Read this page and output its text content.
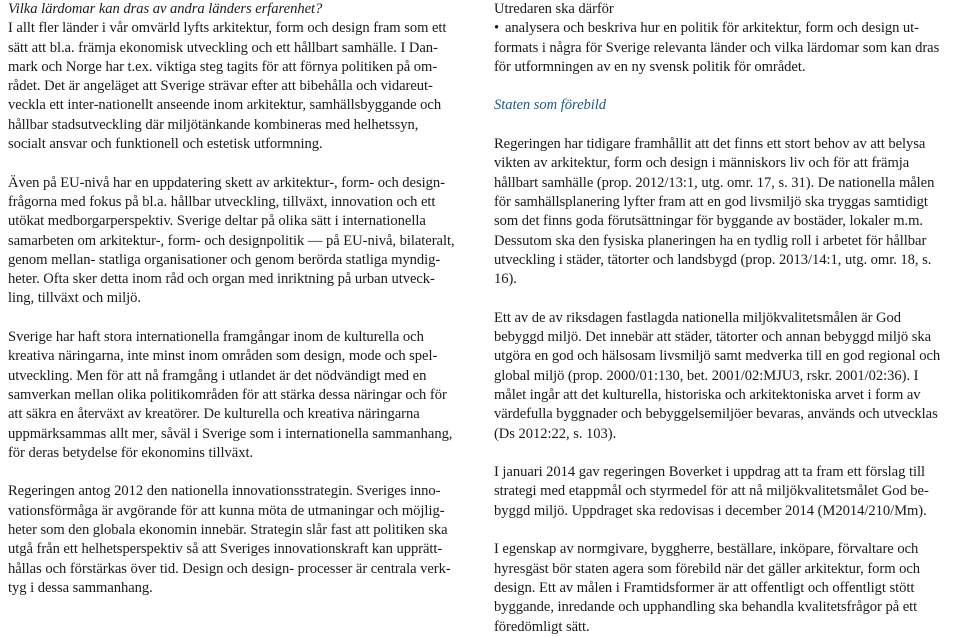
Vilka lärdomar kan dras av andra länders erfarenhet?
I allt fler länder i vår omvärld lyfts arkitektur, form och design fram som ett
sätt att bl.a. främja ekonomisk utveckling och ett hållbart samhälle. I Dan-
mark och Norge har t.ex. viktiga steg tagits för att förnya politiken på om-
rådet. Det är angeläget att Sverige strävar efter att bibehålla och vidareut-
veckla ett inter-nationellt anseende inom arkitektur, samhällsbyggande och
hållbar stadsutveckling där miljötänkande kombineras med helhetssyn,
socialt ansvar och funktionell och estetisk utformning.
Även på EU-nivå har en uppdatering skett av arkitektur-, form- och design-
frågorna med fokus på bl.a. hållbar utveckling, tillväxt, innovation och ett
utökat medborgarperspektiv. Sverige deltar på olika sätt i internationella
samarbeten om arkitektur-, form- och designpolitik — på EU-nivå, bilateralt,
genom mellan- statliga organisationer och genom berörda statliga myndig-
heter. Ofta sker detta inom råd och organ med inriktning på urban utveck-
ling, tillväxt och miljö.
Sverige har haft stora internationella framgångar inom de kulturella och
kreativa näringarna, inte minst inom områden som design, mode och spel-
utveckling. Men för att nå framgång i utlandet är det nödvändigt med en
samverkan mellan olika politikområden för att stärka dessa näringar och för
att säkra en återväxt av kreatörer. De kulturella och kreativa näringarna
uppmärksammas allt mer, såväl i Sverige som i internationella sammanhang,
för deras betydelse för ekonomins tillväxt.
Regeringen antog 2012 den nationella innovationsstrategin. Sveriges inno-
vationsförmåga är avgörande för att kunna möta de utmaningar och möjlig-
heter som den globala ekonomin innebär. Strategin slår fast att politiken ska
utgå från ett helhetsperspektiv så att Sveriges innovationskraft kan upprätt-
hållas och förstärkas över tid. Design och design- processer är centrala verk-
tyg i dessa sammanhang.
Utredaren ska därför
• analysera och beskriva hur en politik för arkitektur, form och design ut-
formats i några för Sverige relevanta länder och vilka lärdomar som kan dras
för utformningen av en ny svensk politik för området.
Staten som förebild
Regeringen har tidigare framhållit att det finns ett stort behov av att belysa
vikten av arkitektur, form och design i människors liv och för att främja
hållbart samhälle (prop. 2012/13:1, utg. omr. 17, s. 31). De nationella målen
för samhällsplanering lyfter fram att en god livsmiljö ska tryggas samtidigt
som det finns goda förutsättningar för byggande av bostäder, lokaler m.m.
Dessutom ska den fysiska planeringen ha en tydlig roll i arbetet för hållbar
utveckling i städer, tätorter och landsbygd (prop. 2013/14:1, utg. omr. 18, s.
16).
Ett av de av riksdagen fastlagda nationella miljökvalitetsmålen är God
bebyggd miljö. Det innebär att städer, tätorter och annan bebyggd miljö ska
utgöra en god och hälsosam livsmiljö samt medverka till en god regional och
global miljö (prop. 2000/01:130, bet. 2001/02:MJU3, rskr. 2001/02:36). I
målet ingår att det kulturella, historiska och arkitektoniska arvet i form av
värdefulla byggnader och bebyggelsemiljöer bevaras, används och utvecklas
(Ds 2012:22, s. 103).
I januari 2014 gav regeringen Boverket i uppdrag att ta fram ett förslag till
strategi med etappmål och styrmedel för att nå miljökvalitetsmålet God be-
byggd miljö. Uppdraget ska redovisas i december 2014 (M2014/210/Mm).
I egenskap av normgivare, byggherre, beställare, inköpare, förvaltare och
hyresgäst bör staten agera som förebild när det gäller arkitektur, form och
design. Ett av målen i Framtidsformer är att offentligt och offentligt stött
byggande, inredande och upphandling ska behandla kvalitetsfrågor på ett
föredömligt sätt.
